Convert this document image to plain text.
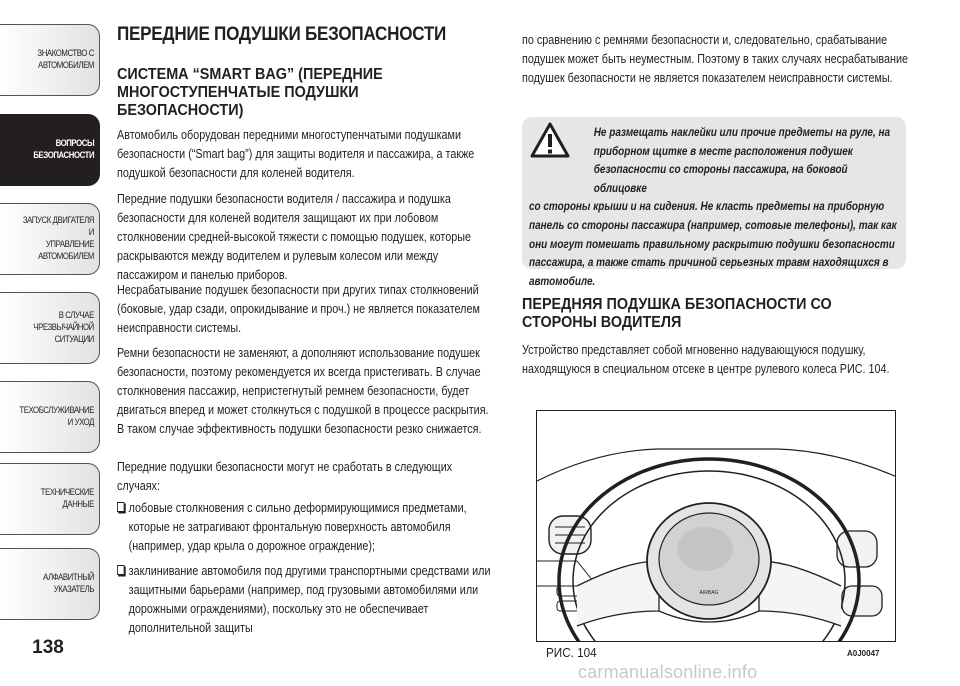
ЗНАКОМСТВО С
АВТОМОБИЛЕМ
ВОПРОСЫ
БЕЗОПАСНОСТИ
ЗАПУСК ДВИГАТЕЛЯ И
УПРАВЛЕНИЕ
АВТОМОБИЛЕМ
В СЛУЧАЕ
ЧРЕЗВЫЧАЙНОЙ
СИТУАЦИИ
ТЕХОБСЛУЖИВАНИЕ
И УХОД
ТЕХНИЧЕСКИЕ
ДАННЫЕ
АЛФАВИТНЫЙ
УКАЗАТЕЛЬ
138
ПЕРЕДНИЕ ПОДУШКИ БЕЗОПАСНОСТИ
СИСТЕМА “SMART BAG” (ПЕРЕДНИЕ
МНОГОСТУПЕНЧАТЫЕ ПОДУШКИ
БЕЗОПАСНОСТИ)
Автомобиль оборудован передними многоступенчатыми подушками безопасности (“Smart bag”) для защиты водителя и пассажира, а также подушкой безопасности для коленей водителя.
Передние подушки безопасности водителя / пассажира и подушка безопасности для коленей водителя защищают их при лобовом столкновении средней-высокой тяжести с помощью подушек, которые раскрываются между водителем и рулевым колесом или между пассажиром и панелью приборов.
Несрабатывание подушек безопасности при других типах столкновений (боковые, удар сзади, опрокидывание и проч.) не является показателем неисправности системы.
Ремни безопасности не заменяют, а дополняют использование подушек безопасности, поэтому рекомендуется их всегда пристегивать. В случае столкновения пассажир, непристегнутый ремнем безопасности, будет двигаться вперед и может столкнуться с подушкой в процессе раскрытия. В таком случае эффективность подушки безопасности резко снижается.
Передние подушки безопасности могут не сработать в следующих случаях:
лобовые столкновения с сильно деформирующимися предметами, которые не затрагивают фронтальную поверхность автомобиля (например, удар крыла о дорожное ограждение);
заклинивание автомобиля под другими транспортными средствами или защитными барьерами (например, под грузовыми автомобилями или дорожными ограждениями), поскольку это не обеспечивает дополнительной защиты
по сравнению с ремнями безопасности и, следовательно, срабатывание подушек может быть неуместным. Поэтому в таких случаях несрабатывание подушек безопасности не является показателем неисправности системы.
Не размещать наклейки или прочие предметы на руле, на
приборном щитке в месте расположения подушек
безопасности со стороны пассажира, на боковой облицовке
со стороны крыши и на сидения. Не класть предметы на приборную панель со стороны пассажира (например, сотовые телефоны), так как они могут помешать правильному раскрытию подушки безопасности пассажира, а также стать причиной серьезных травм находящихся в автомобиле.
ПЕРЕДНЯЯ ПОДУШКА БЕЗОПАСНОСТИ СО
СТОРОНЫ ВОДИТЕЛЯ
Устройство представляет собой мгновенно надувающуюся подушку, находящуюся в специальном отсеке в центре рулевого колеса РИС. 104.
AIRBAG
РИС. 104	A0J0047
carmanualsonline.info
